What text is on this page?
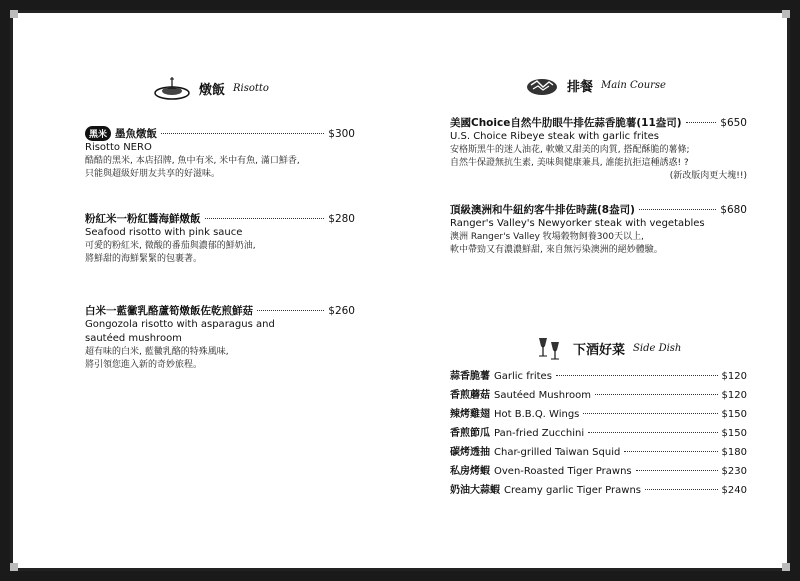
燉飯 Risotto
黑米 墨魚燉飯	$300
Risotto NERO
酷酷的黑米, 本店招牌, 魚中有米, 米中有魚, 滿口鮮香,
只能與超級好朋友共享的好滋味。
粉紅米一粉紅醬海鮮燉飯	$280
Seafood risotto with pink sauce
可愛的粉紅米, 微酸的番茄與濃郁的鮮奶油,
將鮮甜的海鮮緊緊的包裹著。
白米一藍黴乳酪蘆筍燉飯佐乾煎鮮菇	$260
Gongozola risotto with asparagus and
sautéed mushroom
超有味的白米, 藍黴乳酪的特殊風味,
將引領您進入新的奇妙旅程。
排餐 Main Course
美國Choice自然牛肋眼牛排佐蒜香脆薯(11盎司)	$650
U.S. Choice Ribeye steak with garlic frites
安格斯黑牛的迷人油花, 軟嫩又甜美的肉質, 搭配酥脆的薯條;
自然牛保證無抗生素, 美味與健康兼具, 誰能抗拒這種誘惑! ?
(新改版肉更大塊!!)
頂級澳洲和牛紐約客牛排佐時蔬(8盎司)	$680
Ranger's Valley's Newyorker steak with vegetables
澳洲 Ranger's Valley 牧場穀物飼養300天以上,
軟中帶勁又有濃濃鮮甜, 來自無污染澳洲的絕妙體驗。
下酒好菜 Side Dish
蒜香脆薯 Garlic frites	$120
香煎蘑菇 Sautéed Mushroom	$120
辣烤雞翅 Hot B.B.Q. Wings	$150
香煎節瓜 Pan-fried Zucchini	$150
碳烤透抽 Char-grilled Taiwan Squid	$180
私房烤蝦 Oven-Roasted Tiger Prawns	$230
奶油大蒜蝦 Creamy garlic Tiger Prawns	$240
